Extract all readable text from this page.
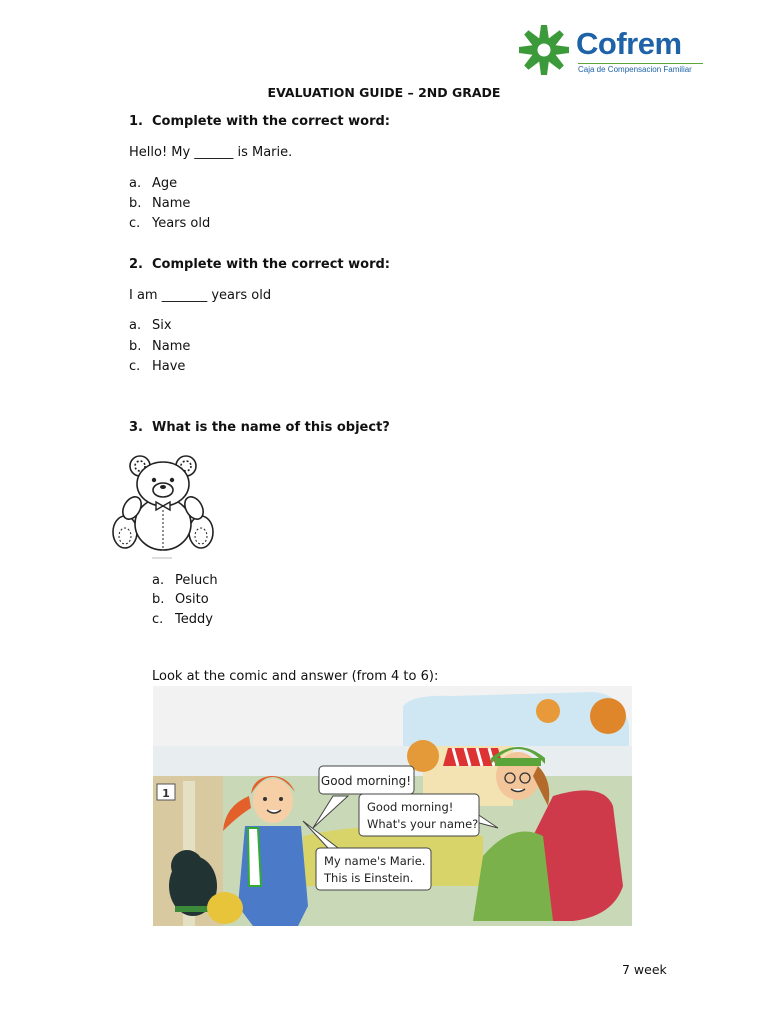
Cofrem
Caja de Compensacion Familiar
EVALUATION GUIDE – 2ND GRADE
1. Complete with the correct word:
Hello! My ______ is Marie.
a. Age
b. Name
c. Years old
2. Complete with the correct word:
I am _______ years old
a. Six
b. Name
c. Have
3. What is the name of this object?
a. Peluch
b. Osito
c. Teddy
Look at the comic and answer (from 4 to 6):
1
Good morning!
Good morning!
What's your name?
My name's Marie.
This is Einstein.
7 week
